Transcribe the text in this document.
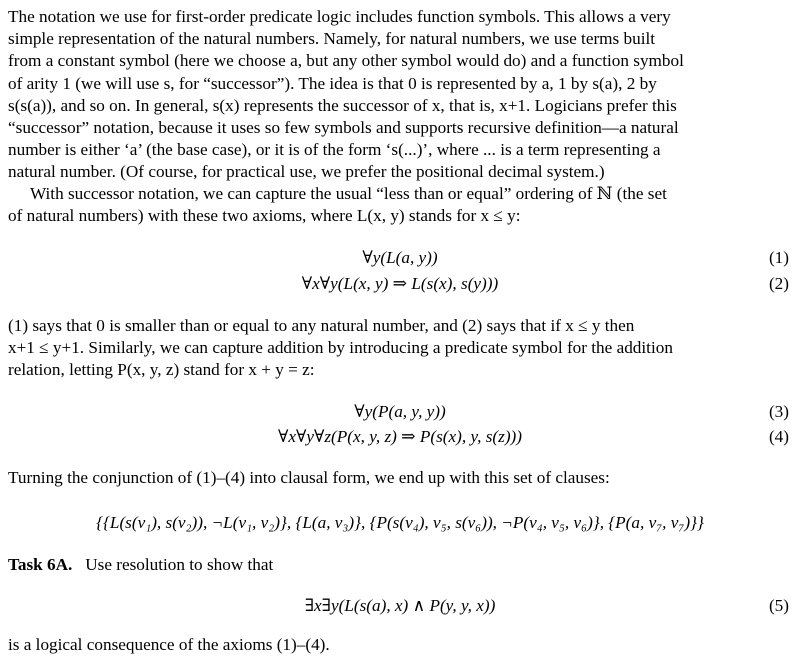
The notation we use for first-order predicate logic includes function symbols. This allows a very
simple representation of the natural numbers. Namely, for natural numbers, we use terms built
from a constant symbol (here we choose a, but any other symbol would do) and a function symbol
of arity 1 (we will use s, for “successor”). The idea is that 0 is represented by a, 1 by s(a), 2 by
s(s(a)), and so on. In general, s(x) represents the successor of x, that is, x+1. Logicians prefer this
“successor” notation, because it uses so few symbols and supports recursive definition—a natural
number is either ‘a’ (the base case), or it is of the form ‘s(...)’, where ... is a term representing a
natural number. (Of course, for practical use, we prefer the positional decimal system.)
With successor notation, we can capture the usual “less than or equal” ordering of ℕ (the set
of natural numbers) with these two axioms, where L(x, y) stands for x ≤ y:
∀y(L(a, y))	(1)
∀x∀y(L(x, y) ⇒ L(s(x), s(y)))	(2)
(1) says that 0 is smaller than or equal to any natural number, and (2) says that if x ≤ y then
x+1 ≤ y+1. Similarly, we can capture addition by introducing a predicate symbol for the addition
relation, letting P(x, y, z) stand for x + y = z:
∀y(P(a, y, y))	(3)
∀x∀y∀z(P(x, y, z) ⇒ P(s(x), y, s(z)))	(4)
Turning the conjunction of (1)–(4) into clausal form, we end up with this set of clauses:
{{L(s(v₁), s(v₂)), ¬L(v₁, v₂)}, {L(a, v₃)}, {P(s(v₄), v₅, s(v₆)), ¬P(v₄, v₅, v₆)}, {P(a, v₇, v₇)}}
Task 6A. Use resolution to show that
∃x∃y(L(s(a), x) ∧ P(y, y, x))	(5)
is a logical consequence of the axioms (1)–(4).
